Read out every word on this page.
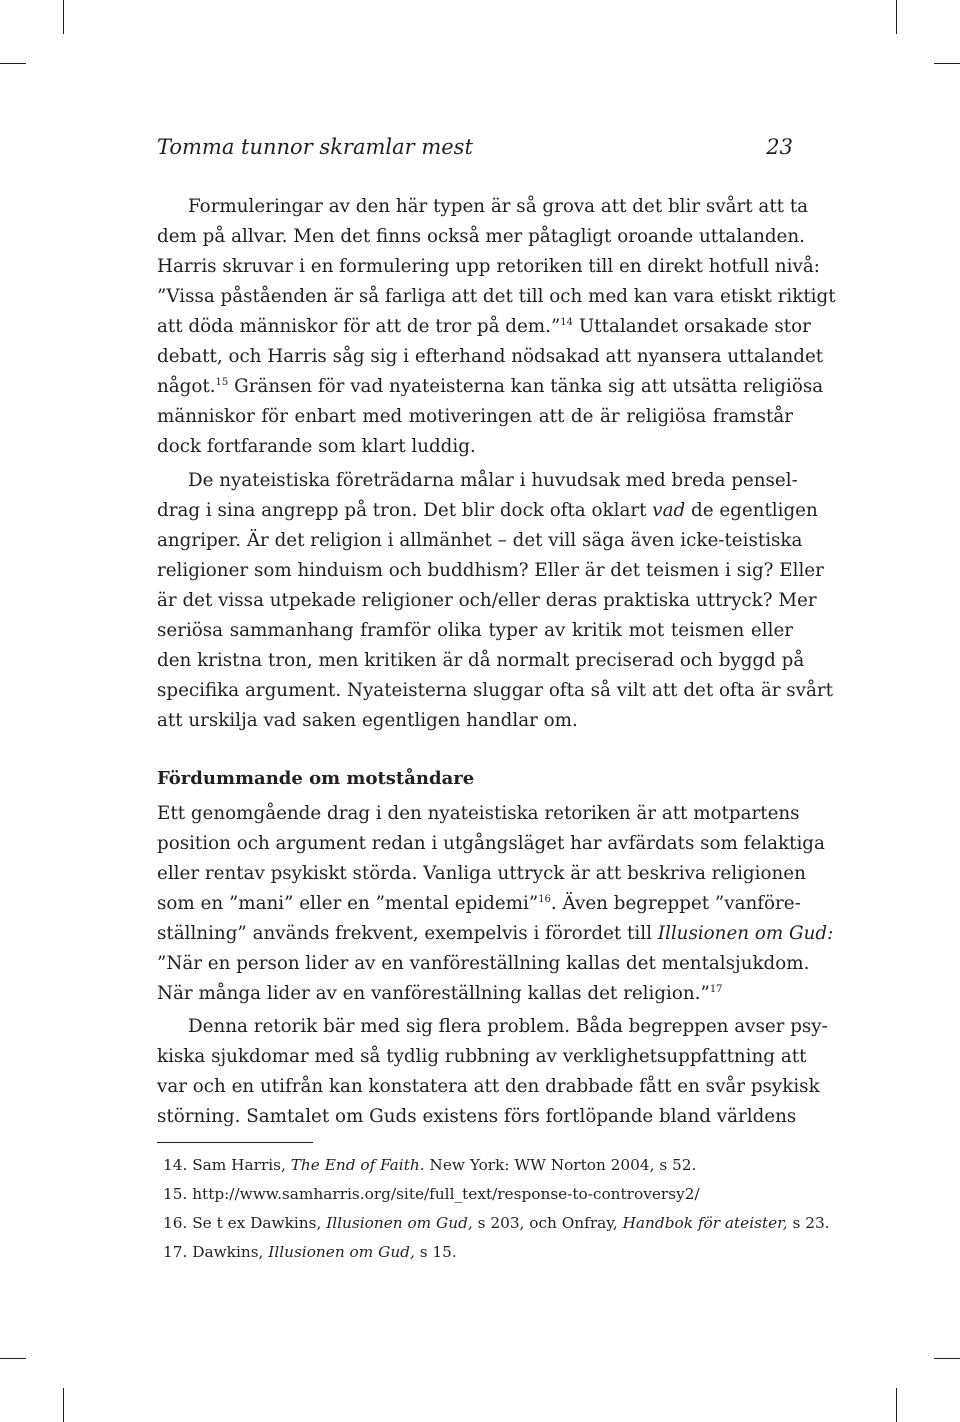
Tomma tunnor skramlar mest	23
Formuleringar av den här typen är så grova att det blir svårt att ta
dem på allvar. Men det finns också mer påtagligt oroande uttalanden.
Harris skruvar i en formulering upp retoriken till en direkt hotfull nivå:
”Vissa påståenden är så farliga att det till och med kan vara etiskt riktigt
att döda människor för att de tror på dem.”$^{14}$ Uttalandet orsakade stor
debatt, och Harris såg sig i efterhand nödsakad att nyansera uttalandet
något.$^{15}$ Gränsen för vad nyateisterna kan tänka sig att utsätta religiösa
människor för enbart med motiveringen att de är religiösa framstår
dock fortfarande som klart luddig.
De nyateistiska företrädarna målar i huvudsak med breda pensel-
drag i sina angrepp på tron. Det blir dock ofta oklart vad de egentligen
angriper. Är det religion i allmänhet – det vill säga även icke-teistiska
religioner som hinduism och buddhism? Eller är det teismen i sig? Eller
är det vissa utpekade religioner och/eller deras praktiska uttryck? Mer
seriösa sammanhang framför olika typer av kritik mot teismen eller
den kristna tron, men kritiken är då normalt preciserad och byggd på
specifika argument. Nyateisterna sluggar ofta så vilt att det ofta är svårt
att urskilja vad saken egentligen handlar om.
Fördummande om motståndare
Ett genomgående drag i den nyateistiska retoriken är att motpartens
position och argument redan i utgångsläget har avfärdats som felaktiga
eller rentav psykiskt störda. Vanliga uttryck är att beskriva religionen
som en ”mani” eller en ”mental epidemi”$^{16}$. Även begreppet ”vanföre-
ställning” används frekvent, exempelvis i förordet till Illusionen om Gud:
”När en person lider av en vanföreställning kallas det mentalsjukdom.
När många lider av en vanföreställning kallas det religion.”$^{17}$
Denna retorik bär med sig flera problem. Båda begreppen avser psy-
kiska sjukdomar med så tydlig rubbning av verklighetsuppfattning att
var och en utifrån kan konstatera att den drabbade fått en svår psykisk
störning. Samtalet om Guds existens förs fortlöpande bland världens
14. Sam Harris, The End of Faith. New York: WW Norton 2004, s 52.
15. http://www.samharris.org/site/full_text/response-to-controversy2/
16. Se t ex Dawkins, Illusionen om Gud, s 203, och Onfray, Handbok för ateister, s 23.
17. Dawkins, Illusionen om Gud, s 15.
